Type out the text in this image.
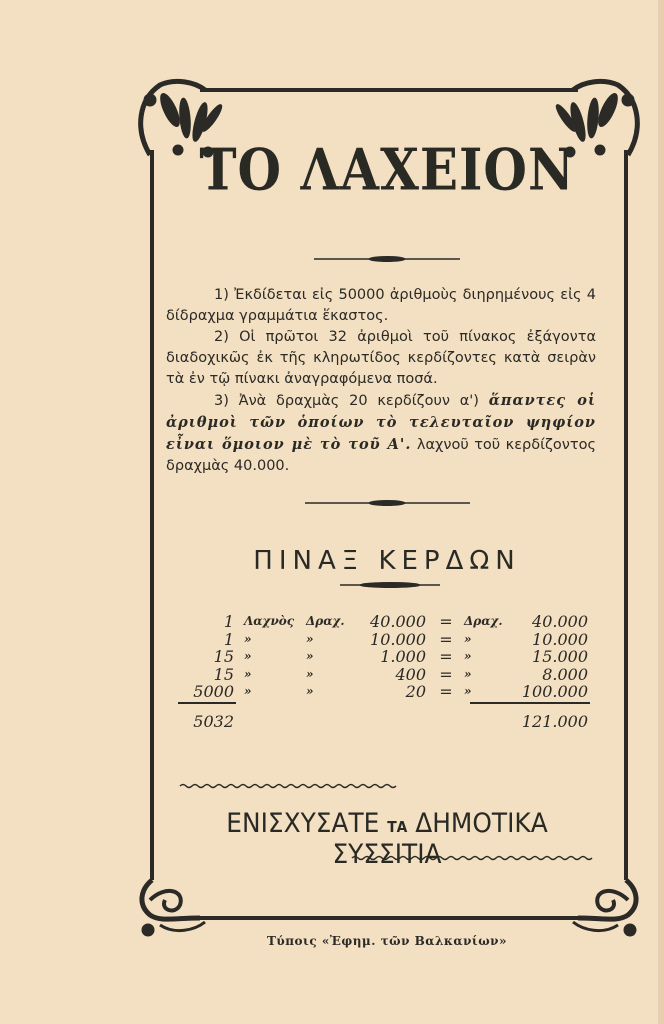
ΤΟ ΛΑΧΕΙΟΝ

1) Ἐκδίδεται εἰς 50000 ἀριθμοὺς διηρημένους εἰς 4 δίδραχμα γραμμάτια ἕκαστος.

2) Οἱ πρῶτοι 32 ἀριθμοὶ τοῦ πίνακος ἐξάγοντα διαδοχικῶς ἐκ τῆς κληρωτίδος κερδίζοντες κατὰ σειρὰν τὰ ἐν τῷ πίνακι ἀναγραφόμενα ποσά.

3) Ἀνὰ δραχμὰς 20 κερδίζουν α') ἅπαντες οἱ ἀριθμοὶ τῶν ὁποίων τὸ τελευταῖον ψηφίον εἶναι ὅμοιον μὲ τὸ τοῦ Α'. λαχνοῦ τοῦ κερδίζοντος δραχμὰς 40.000.

ΠΙΝΑΞ ΚΕΡΔΩΝ
1 Λαχνὸς Δραχ.	40.000 = Δραχ.	40.000
1 »	»	10.000 = »	10.000
15 »	»	1.000 = »	15.000
15 »	»	400 = »	8.000
5000 »	»	20 = »	100.000
5032	121.000
ΕΝΙΣΧΥΣΑΤΕ ΤΑ ΔΗΜΟΤΙΚΑ ΣΥΣΣΙΤΙΑ
Τύποις «Ἐφημ. τῶν Βαλκανίων»
